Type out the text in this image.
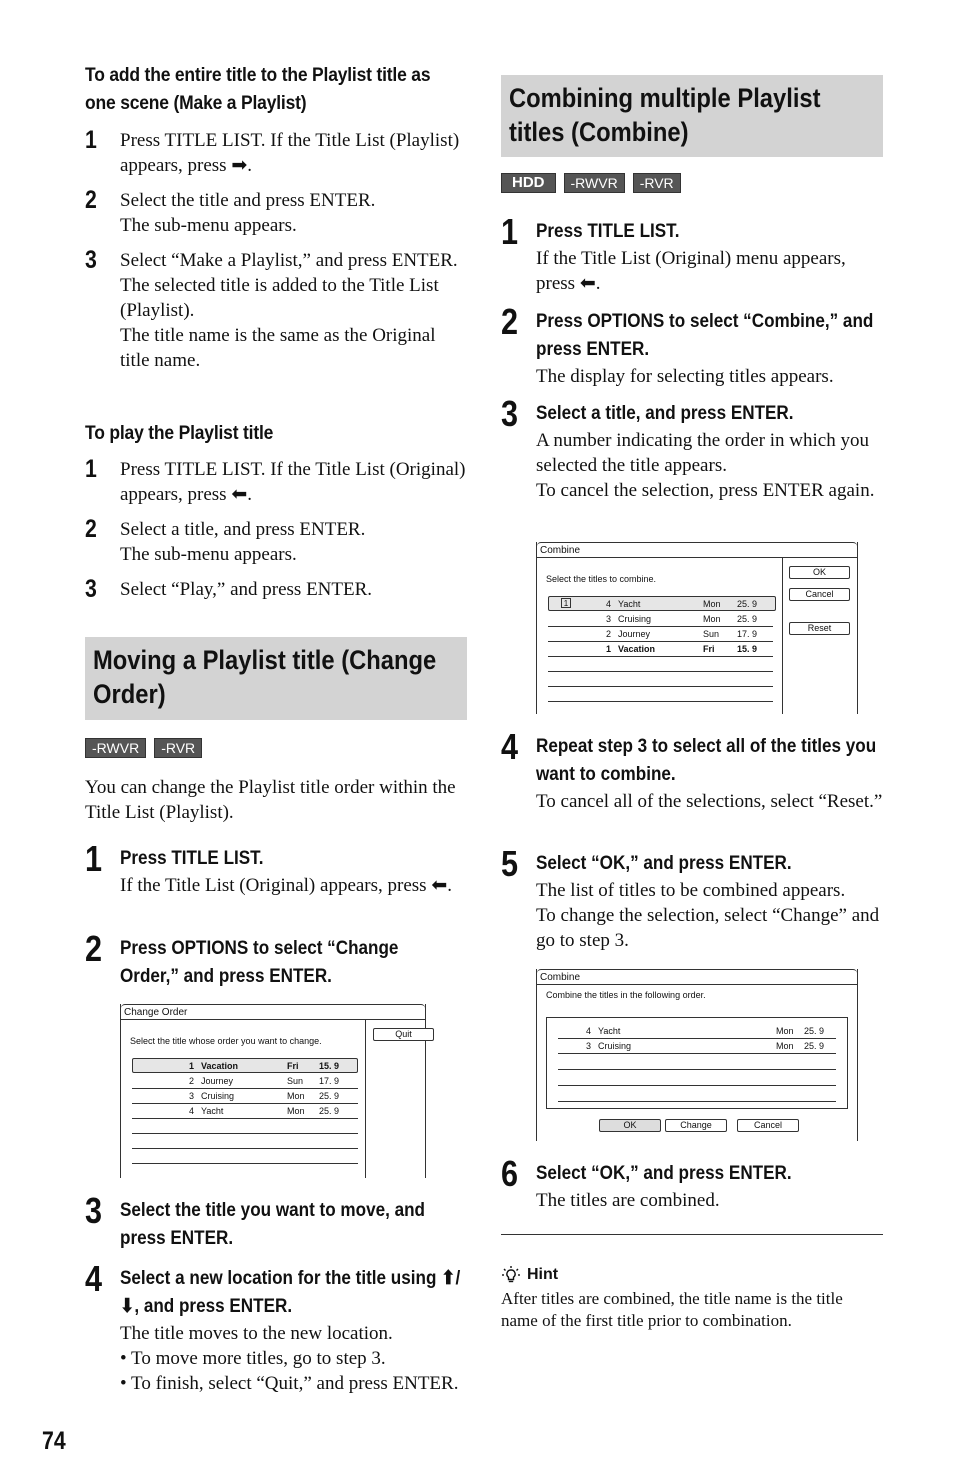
To add the entire title to the Playlist title as one scene (Make a Playlist)
1 Press TITLE LIST. If the Title List (Playlist) appears, press ➡.
2 Select the title and press ENTER.
The sub-menu appears.
3 Select “Make a Playlist,” and press ENTER.
The selected title is added to the Title List (Playlist).
The title name is the same as the Original title name.
To play the Playlist title
1 Press TITLE LIST. If the Title List (Original) appears, press ⬅.
2 Select a title, and press ENTER.
The sub-menu appears.
3 Select “Play,” and press ENTER.
Moving a Playlist title (Change Order)
-RWVR	-RVR
You can change the Playlist title order within the Title List (Playlist).
1 Press TITLE LIST.
If the Title List (Original) appears, press ⬅.
2 Press OPTIONS to select “Change Order,” and press ENTER.
Change Order
Select the title whose order you want to change.
Quit
1 Vacation	Fri 15. 9
2 Journey	Sun 17. 9
3 Cruising	Mon 25. 9
4 Yacht	Mon 25. 9
3 Select the title you want to move, and press ENTER.
4 Select a new location for the title using ⬆/⬇, and press ENTER.
The title moves to the new location.
• To move more titles, go to step 3.
• To finish, select “Quit,” and press ENTER.
Combining multiple Playlist titles (Combine)
HDD	-RWVR	-RVR
1 Press TITLE LIST.
If the Title List (Original) menu appears, press ⬅.
2 Press OPTIONS to select “Combine,” and press ENTER.
The display for selecting titles appears.
3 Select a title, and press ENTER.
A number indicating the order in which you selected the title appears.
To cancel the selection, press ENTER again.
Combine
Select the titles to combine.
OK
Cancel
Reset
1	4 Yacht	Mon 25. 9
3 Cruising	Mon 25. 9
2 Journey	Sun 17. 9
1 Vacation	Fri 15. 9
4 Repeat step 3 to select all of the titles you want to combine.
To cancel all of the selections, select “Reset.”
5 Select “OK,” and press ENTER.
The list of titles to be combined appears.
To change the selection, select “Change” and go to step 3.
Combine
Combine the titles in the following order.
4 Yacht	Mon 25. 9
3 Cruising	Mon 25. 9
OK	Change	Cancel
6 Select “OK,” and press ENTER.
The titles are combined.
Hint
After titles are combined, the title name is the title name of the first title prior to combination.
74
